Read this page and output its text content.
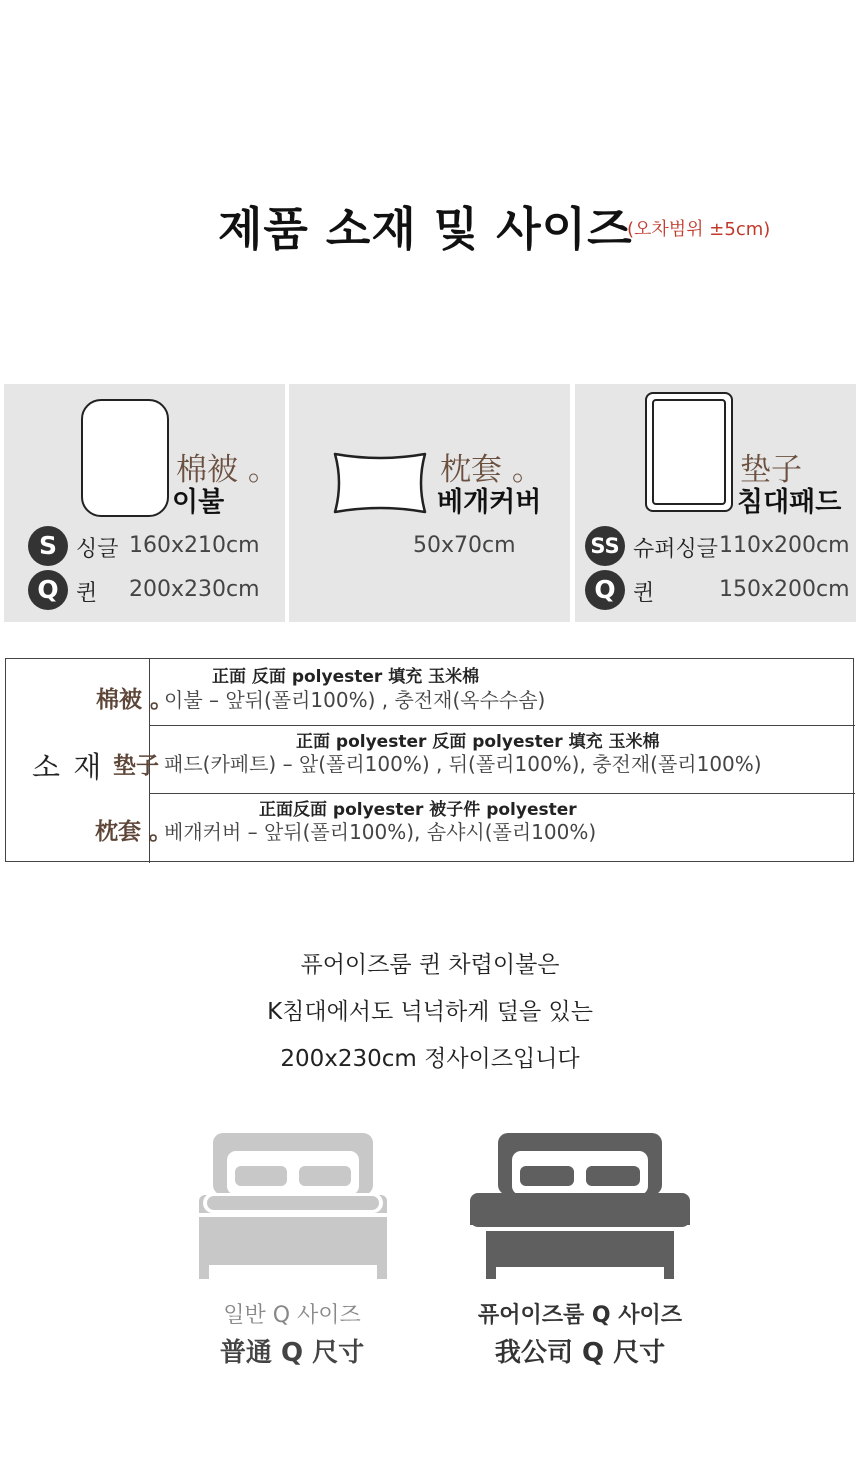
제품 소재 및 사이즈
(오차범위 ±5cm)
棉被 。
이불
S 싱글 160x210cm
Q 퀸 200x230cm
枕套 。
베개커버
50x70cm
垫子
침대패드
SS 슈퍼싱글 110x200cm
Q 퀸	150x200cm
소 재
棉被 。
正面 反面 polyester 填充 玉米棉
이불 – 앞뒤(폴리100%) , 충전재(옥수수솜)
垫子
正面 polyester 反面 polyester 填充 玉米棉
패드(카페트) – 앞(폴리100%) , 뒤(폴리100%), 충전재(폴리100%)
枕套 。
正面反面 polyester 被子件 polyester
베개커버 – 앞뒤(폴리100%), 솜샤시(폴리100%)
퓨어이즈룸 퀸 차렵이불은
K침대에서도 넉넉하게 덮을 있는
200x230cm 정사이즈입니다
일반 Q 사이즈
普通 Q 尺寸
퓨어이즈룸 Q 사이즈
我公司 Q 尺寸
